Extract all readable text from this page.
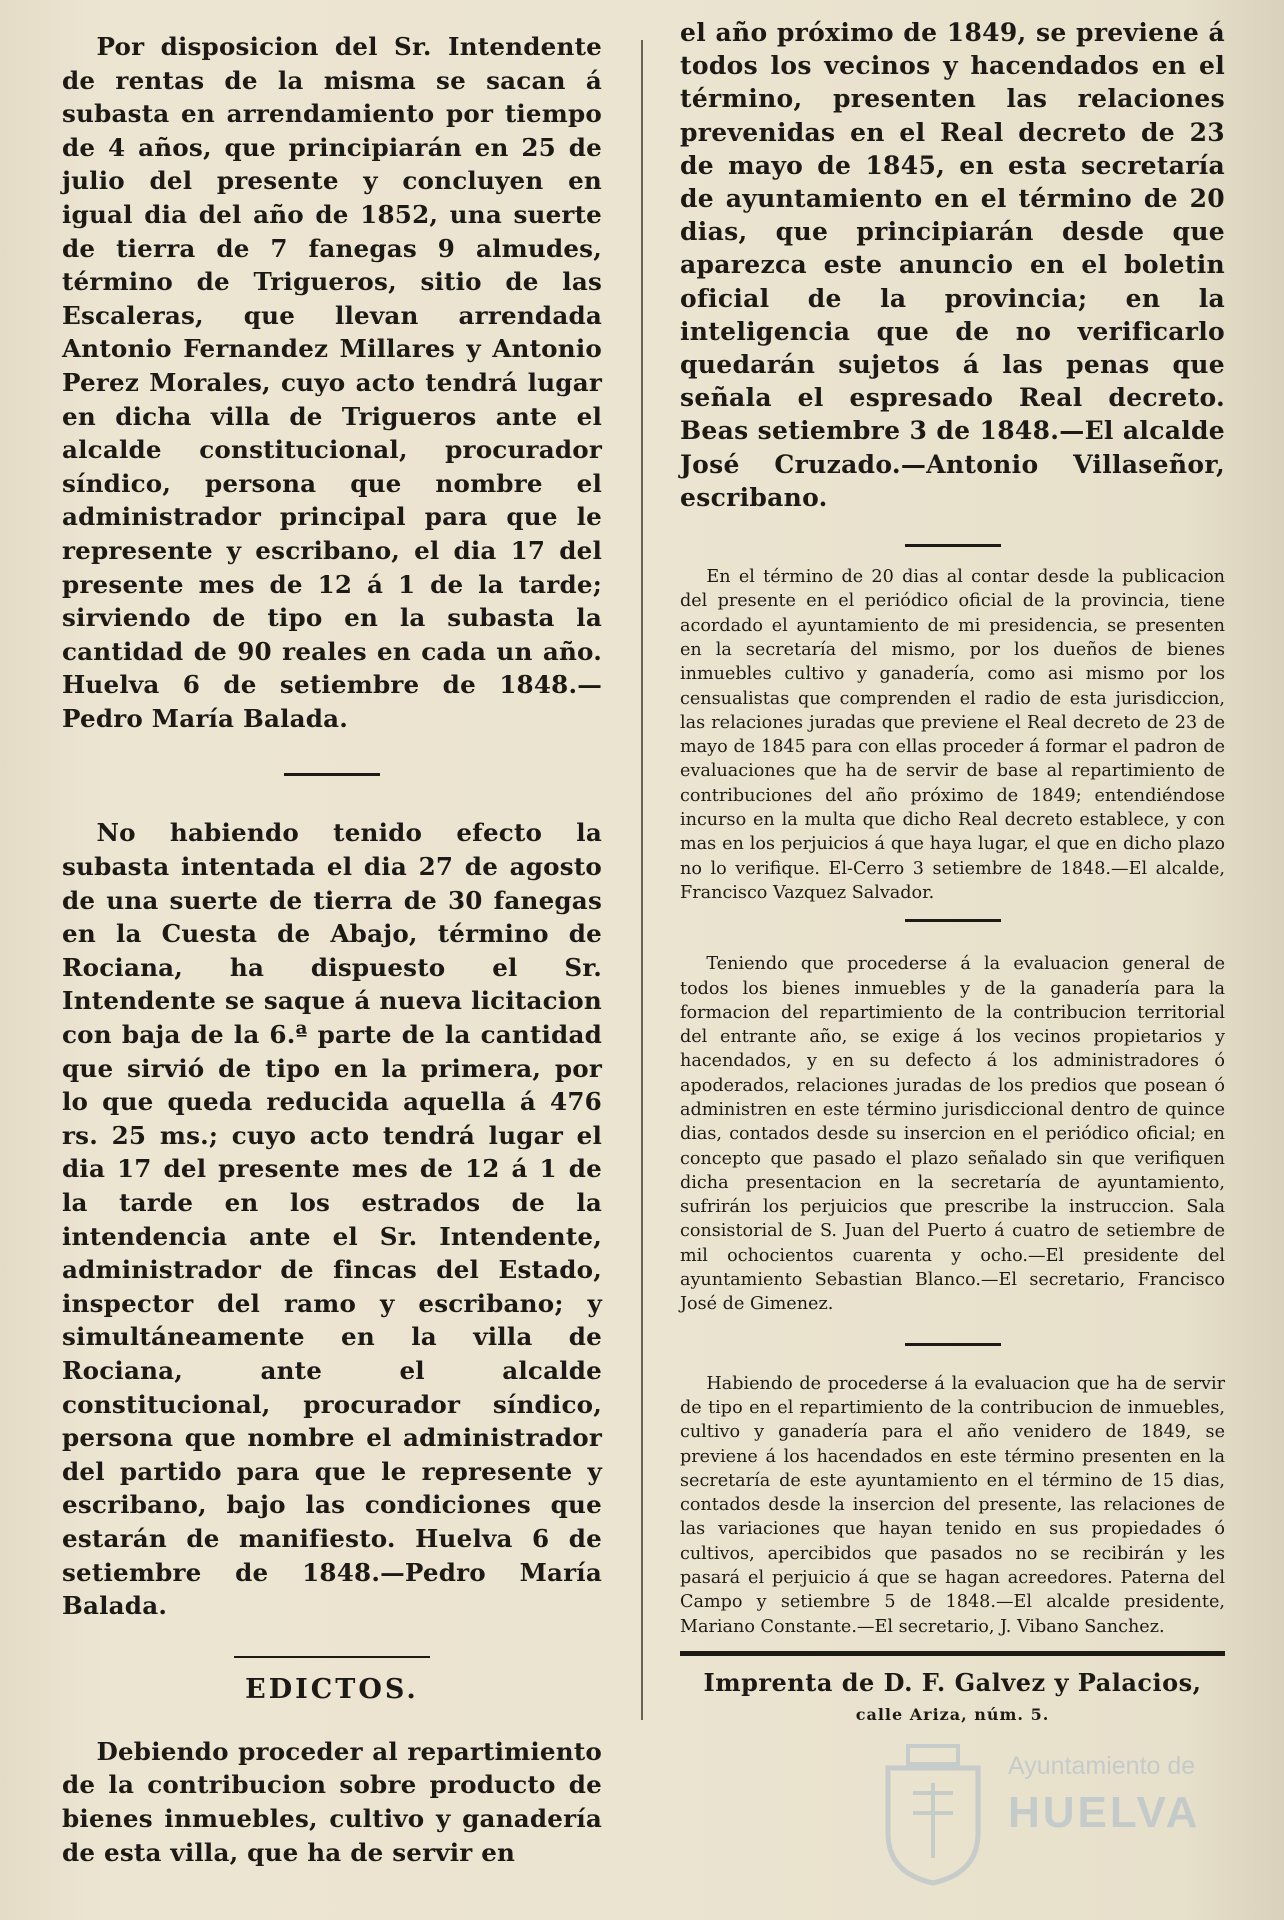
Por disposicion del Sr. Intendente de rentas de la misma se sacan á subasta en arrendamiento por tiempo de 4 años, que principiarán en 25 de julio del presente y concluyen en igual dia del año de 1852, una suerte de tierra de 7 fanegas 9 almudes, término de Trigueros, sitio de las Escaleras, que llevan arrendada Antonio Fernandez Millares y Antonio Perez Morales, cuyo acto tendrá lugar en dicha villa de Trigueros ante el alcalde constitucional, procurador síndico, persona que nombre el administrador principal para que le represente y escribano, el dia 17 del presente mes de 12 á 1 de la tarde; sirviendo de tipo en la subasta la cantidad de 90 reales en cada un año. Huelva 6 de setiembre de 1848.—Pedro María Balada.

No habiendo tenido efecto la subasta intentada el dia 27 de agosto de una suerte de tierra de 30 fanegas en la Cuesta de Abajo, término de Rociana, ha dispuesto el Sr. Intendente se saque á nueva licitacion con baja de la 6.ª parte de la cantidad que sirvió de tipo en la primera, por lo que queda reducida aquella á 476 rs. 25 ms.; cuyo acto tendrá lugar el dia 17 del presente mes de 12 á 1 de la tarde en los estrados de la intendencia ante el Sr. Intendente, administrador de fincas del Estado, inspector del ramo y escribano; y simultáneamente en la villa de Rociana, ante el alcalde constitucional, procurador síndico, persona que nombre el administrador del partido para que le represente y escribano, bajo las condiciones que estarán de manifiesto. Huelva 6 de setiembre de 1848.—Pedro María Balada.

EDICTOS.

Debiendo proceder al repartimiento de la contribucion sobre producto de bienes inmuebles, cultivo y ganadería de esta villa, que ha de servir en

el año próximo de 1849, se previene á todos los vecinos y hacendados en el término, presenten las relaciones prevenidas en el Real decreto de 23 de mayo de 1845, en esta secretaría de ayuntamiento en el término de 20 dias, que principiarán desde que aparezca este anuncio en el boletin oficial de la provincia; en la inteligencia que de no verificarlo quedarán sujetos á las penas que señala el espresado Real decreto. Beas setiembre 3 de 1848.—El alcalde José Cruzado.—Antonio Villaseñor, escribano.

En el término de 20 dias al contar desde la publicacion del presente en el periódico oficial de la provincia, tiene acordado el ayuntamiento de mi presidencia, se presenten en la secretaría del mismo, por los dueños de bienes inmuebles cultivo y ganadería, como asi mismo por los censualistas que comprenden el radio de esta jurisdiccion, las relaciones juradas que previene el Real decreto de 23 de mayo de 1845 para con ellas proceder á formar el padron de evaluaciones que ha de servir de base al repartimiento de contribuciones del año próximo de 1849; entendiéndose incurso en la multa que dicho Real decreto establece, y con mas en los perjuicios á que haya lugar, el que en dicho plazo no lo verifique. El-Cerro 3 setiembre de 1848.—El alcalde, Francisco Vazquez Salvador.

Teniendo que procederse á la evaluacion general de todos los bienes inmuebles y de la ganadería para la formacion del repartimiento de la contribucion territorial del entrante año, se exige á los vecinos propietarios y hacendados, y en su defecto á los administradores ó apoderados, relaciones juradas de los predios que posean ó administren en este término jurisdiccional dentro de quince dias, contados desde su insercion en el periódico oficial; en concepto que pasado el plazo señalado sin que verifiquen dicha presentacion en la secretaría de ayuntamiento, sufrirán los perjuicios que prescribe la instruccion. Sala consistorial de S. Juan del Puerto á cuatro de setiembre de mil ochocientos cuarenta y ocho.—El presidente del ayuntamiento Sebastian Blanco.—El secretario, Francisco José de Gimenez.

Habiendo de procederse á la evaluacion que ha de servir de tipo en el repartimiento de la contribucion de inmuebles, cultivo y ganadería para el año venidero de 1849, se previene á los hacendados en este término presenten en la secretaría de este ayuntamiento en el término de 15 dias, contados desde la insercion del presente, las relaciones de las variaciones que hayan tenido en sus propiedades ó cultivos, apercibidos que pasados no se recibirán y les pasará el perjuicio á que se hagan acreedores. Paterna del Campo y setiembre 5 de 1848.—El alcalde presidente, Mariano Constante.—El secretario, J. Vibano Sanchez.

Imprenta de D. F. Galvez y Palacios,

calle Ariza, núm. 5.

Ayuntamiento de
HUELVA
